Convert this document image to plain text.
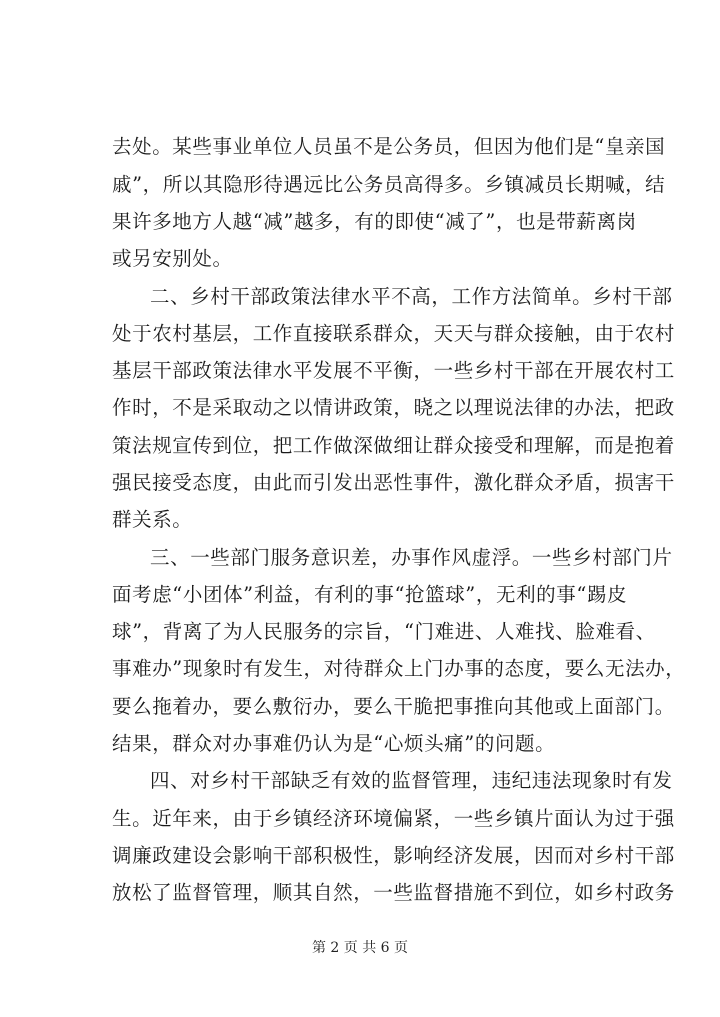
去处。某些事业单位人员虽不是公务员，但因为他们是“皇亲国
戚”，所以其隐形待遇远比公务员高得多。乡镇减员长期喊，结
果许多地方人越“减”越多，有的即使“减了”，也是带薪离岗
或另安别处。
二、乡村干部政策法律水平不高，工作方法简单。乡村干部
处于农村基层，工作直接联系群众，天天与群众接触，由于农村
基层干部政策法律水平发展不平衡，一些乡村干部在开展农村工
作时，不是采取动之以情讲政策，晓之以理说法律的办法，把政
策法规宣传到位，把工作做深做细让群众接受和理解，而是抱着
强民接受态度，由此而引发出恶性事件，激化群众矛盾，损害干
群关系。
三、一些部门服务意识差，办事作风虚浮。一些乡村部门片
面考虑“小团体”利益，有利的事“抢篮球”，无利的事“踢皮
球”，背离了为人民服务的宗旨，“门难进、人难找、脸难看、
事难办”现象时有发生，对待群众上门办事的态度，要么无法办，
要么拖着办，要么敷衍办，要么干脆把事推向其他或上面部门。
结果，群众对办事难仍认为是“心烦头痛”的问题。
四、对乡村干部缺乏有效的监督管理，违纪违法现象时有发
生。近年来，由于乡镇经济环境偏紧，一些乡镇片面认为过于强
调廉政建设会影响干部积极性，影响经济发展，因而对乡村干部
放松了监督管理，顺其自然，一些监督措施不到位，如乡村政务
第 2 页 共 6 页
